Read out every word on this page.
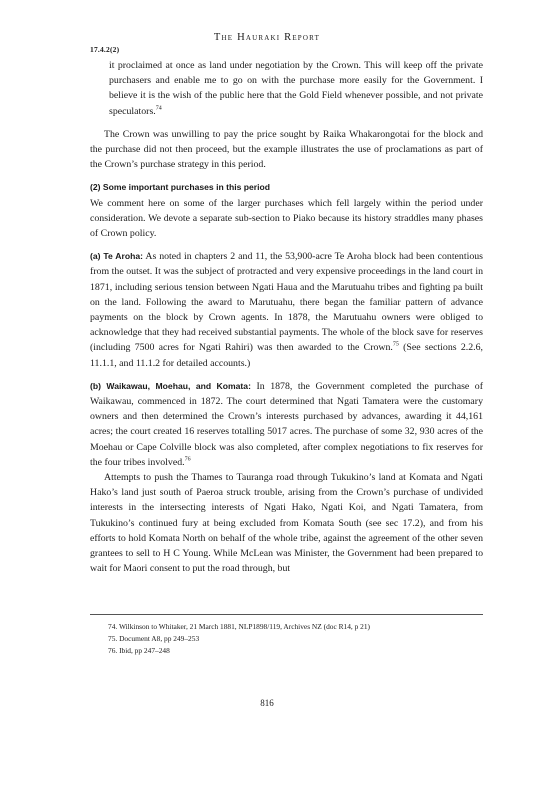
The Hauraki Report
17.4.2(2)

it proclaimed at once as land under negotiation by the Crown. This will keep off the private purchasers and enable me to go on with the purchase more easily for the Government. I believe it is the wish of the public here that the Gold Field whenever possible, and not private speculators.$^{74}$

The Crown was unwilling to pay the price sought by Raika Whakarongotai for the block and the purchase did not then proceed, but the example illustrates the use of proclamations as part of the Crown’s purchase strategy in this period.

(2) Some important purchases in this period

We comment here on some of the larger purchases which fell largely within the period under consideration. We devote a separate sub-section to Piako because its history straddles many phases of Crown policy.

(a) Te Aroha: As noted in chapters 2 and 11, the 53,900-acre Te Aroha block had been contentious from the outset. It was the subject of protracted and very expensive proceedings in the land court in 1871, including serious tension between Ngati Haua and the Marutuahu tribes and fighting pa built on the land. Following the award to Marutuahu, there began the familiar pattern of advance payments on the block by Crown agents. In 1878, the Marutuahu owners were obliged to acknowledge that they had received substantial payments. The whole of the block save for reserves (including 7500 acres for Ngati Rahiri) was then awarded to the Crown.$^{75}$ (See sections 2.2.6, 11.1.1, and 11.1.2 for detailed accounts.)

(b) Waikawau, Moehau, and Komata: In 1878, the Government completed the purchase of Waikawau, commenced in 1872. The court determined that Ngati Tamatera were the customary owners and then determined the Crown’s interests purchased by advances, awarding it 44,161 acres; the court created 16 reserves totalling 5017 acres. The purchase of some 32, 930 acres of the Moehau or Cape Colville block was also completed, after complex negotiations to fix reserves for the four tribes involved.$^{76}$

Attempts to push the Thames to Tauranga road through Tukukino’s land at Komata and Ngati Hako’s land just south of Paeroa struck trouble, arising from the Crown’s purchase of undivided interests in the intersecting interests of Ngati Hako, Ngati Koi, and Ngati Tamatera, from Tukukino’s continued fury at being excluded from Komata South (see sec 17.2), and from his efforts to hold Komata North on behalf of the whole tribe, against the agreement of the other seven grantees to sell to H C Young. While McLean was Minister, the Government had been prepared to wait for Maori consent to put the road through, but

74. Wilkinson to Whitaker, 21 March 1881, NLP1898/119, Archives NZ (doc R14, p 21)
75. Document A8, pp 249–253
76. Ibid, pp 247–248
816
